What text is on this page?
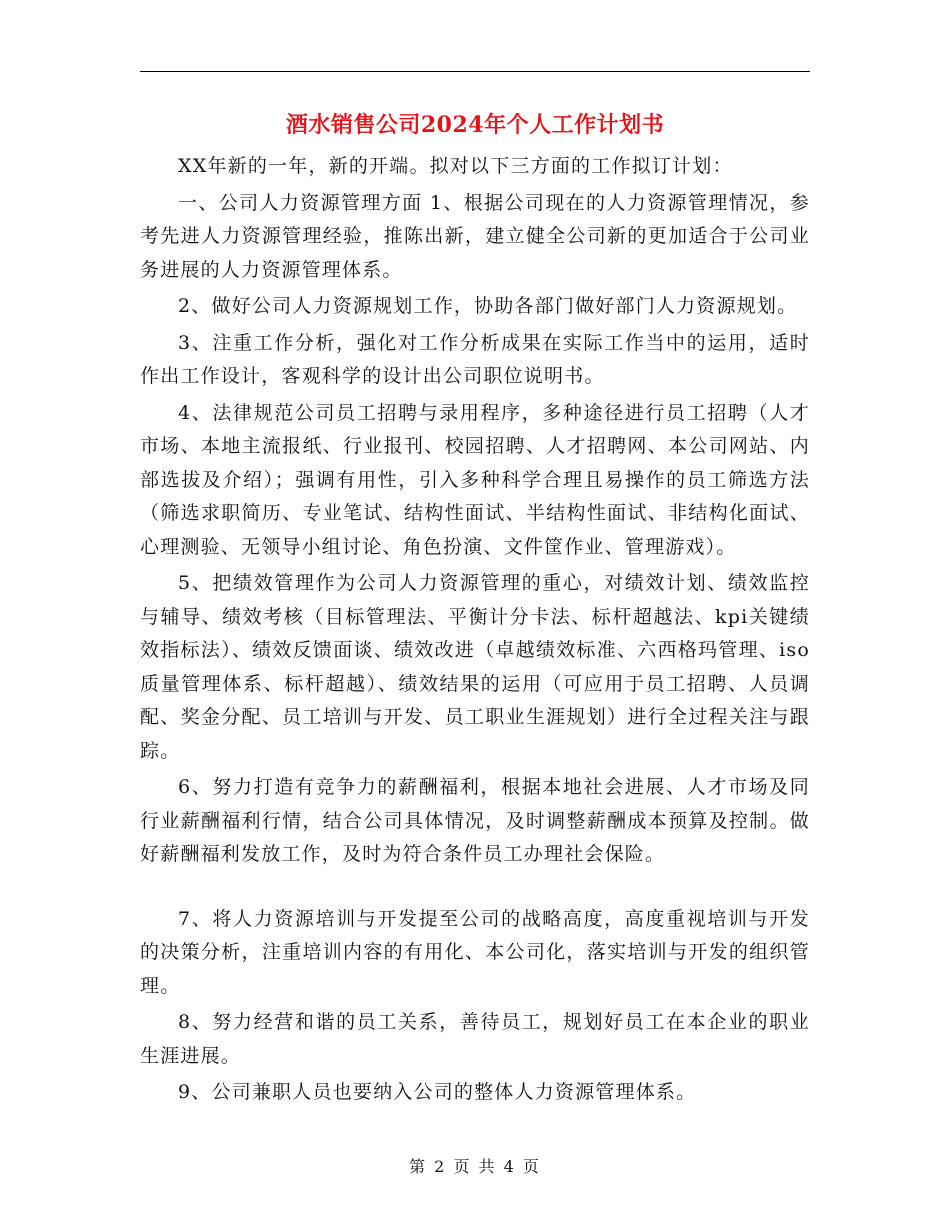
酒水销售公司2024年个人工作计划书

XX年新的一年，新的开端。拟对以下三方面的工作拟订计划：

一、公司人力资源管理方面 1、根据公司现在的人力资源管理情况，参考先进人力资源管理经验，推陈出新，建立健全公司新的更加适合于公司业务进展的人力资源管理体系。

2、做好公司人力资源规划工作，协助各部门做好部门人力资源规划。

3、注重工作分析，强化对工作分析成果在实际工作当中的运用，适时作出工作设计，客观科学的设计出公司职位说明书。

4、法律规范公司员工招聘与录用程序，多种途径进行员工招聘（人才市场、本地主流报纸、行业报刊、校园招聘、人才招聘网、本公司网站、内部选拔及介绍）；强调有用性，引入多种科学合理且易操作的员工筛选方法（筛选求职简历、专业笔试、结构性面试、半结构性面试、非结构化面试、心理测验、无领导小组讨论、角色扮演、文件筐作业、管理游戏）。

5、把绩效管理作为公司人力资源管理的重心，对绩效计划、绩效监控与辅导、绩效考核（目标管理法、平衡计分卡法、标杆超越法、kpi关键绩效指标法）、绩效反馈面谈、绩效改进（卓越绩效标准、六西格玛管理、iso质量管理体系、标杆超越）、绩效结果的运用（可应用于员工招聘、人员调配、奖金分配、员工培训与开发、员工职业生涯规划）进行全过程关注与跟踪。

6、努力打造有竞争力的薪酬福利，根据本地社会进展、人才市场及同行业薪酬福利行情，结合公司具体情况，及时调整薪酬成本预算及控制。做好薪酬福利发放工作，及时为符合条件员工办理社会保险。

7、将人力资源培训与开发提至公司的战略高度，高度重视培训与开发的决策分析，注重培训内容的有用化、本公司化，落实培训与开发的组织管理。

8、努力经营和谐的员工关系，善待员工，规划好员工在本企业的职业生涯进展。

9、公司兼职人员也要纳入公司的整体人力资源管理体系。

第 2 页 共 4 页
